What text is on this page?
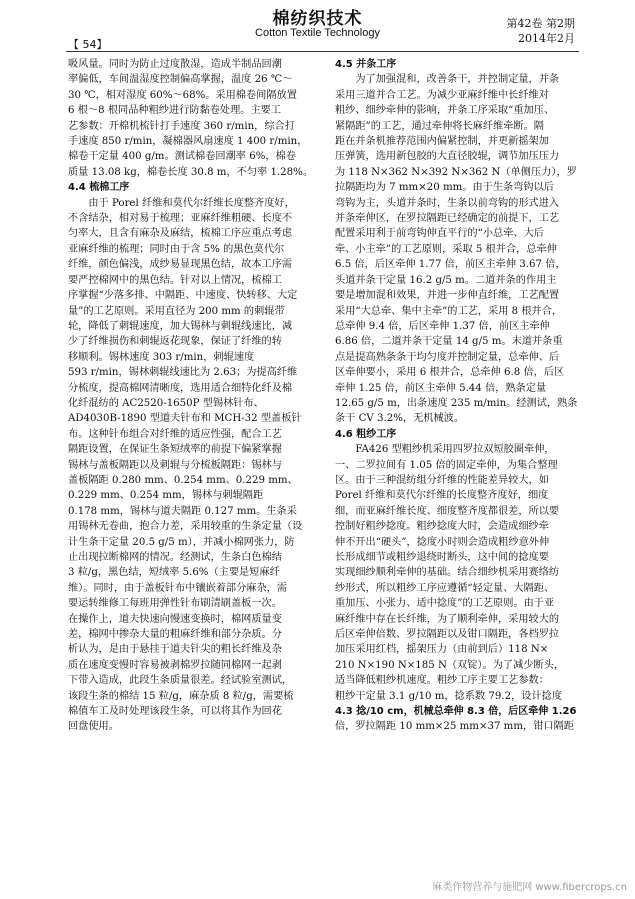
【 54】
棉纺织技术
Cotton Textile Technology
第42卷 第2期
2014年2月

吸风量。同时为防止过度散湿，造成半制品回潮

率偏低，车间温湿度控制偏高掌握，温度 26 ℃～

30 ℃，相对湿度 60%～68%。采用棉卷间隔放置

6 根～8 根同品种粗纱进行防黏卷处理。主要工

艺参数：开棉机梳针打手速度 360 r/min，综合打

手速度 850 r/min，凝棉器风扇速度 1 400 r/min，

棉卷干定量 400 g/m。测试棉卷回潮率 6%，棉卷

质量 13.08 kg，棉卷长度 30.8 m，不匀率 1.28%。

4.4 梳棉工序

　　由于 Porel 纤维和莫代尔纤维长度整齐度好，

不含结杂，相对易于梳理；亚麻纤维粗硬、长度不

匀率大，且含有麻杂及麻结，梳棉工序应重点考虑

亚麻纤维的梳理；同时由于含 5% 的黑色莫代尔

纤维，颜色偏浅，成纱易显现黑色结，故本工序需

要严控棉网中的黑色结。针对以上情况，梳棉工

序掌握“少落多排、中隔距、中速度、快转移、大定

量”的工艺原则。采用直径为 200 mm 的刺辊带

轮，降低了刺辊速度，加大锡林与刺辊线速比，减

少了纤维损伤和刺辊返花现象，保证了纤维的转

移顺利。锡林速度 303 r/min，刺辊速度

593 r/min，锡林刺辊线速比为 2.63；为提高纤维

分梳度，提高棉网清晰度，选用适合细特化纤及棉

化纤混纺的 AC2520-1650P 型锡林针布、

AD4030B-1890 型道夫针布和 MCH-32 型盖板针

布。这种针布组合对纤维的适应性强，配合工艺

隔距设置，在保证生条短绒率的前提下偏紧掌握

锡林与盖板隔距以及刺辊与分梳板隔距：锡林与

盖板隔距 0.280 mm、0.254 mm、0.229 mm、

0.229 mm、0.254 mm，锡林与刺辊隔距

0.178 mm，锡林与道夫隔距 0.127 mm。生条采

用锡林无卷曲，抱合力差，采用较重的生条定量（设

计生条干定量 20.5 g/5 m），并减小棉网张力，防

止出现拉断棉网的情况。经测试，生条白色棉结

3 粒/g，黑色结，短绒率 5.6%（主要是短麻纤

维）。同时，由于盖板针布中镶嵌着部分麻杂，需

要运转维修工每班用弹性针布刷清刷盖板一次。

在操作上，道夫快速向慢速变换时，棉网质量变

差，棉网中掺杂大量的粗麻纤维和部分杂质。分

析认为，是由于悬挂于道夫针尖的粗长纤维及杂

质在速度变慢时容易被剥棉罗拉随同棉网一起剥

下带入造成，此段生条质量很差。经试验室测试，

该段生条的棉结 15 粒/g，麻杂质 8 粒/g，需要梳

棉值车工及时处理该段生条，可以将其作为回花

回盘使用。

4.5 并条工序

　　为了加强混和，改善条干，并控制定量，并条

采用三道并合工艺。为减少亚麻纤维中长纤维对

粗纱、细纱牵伸的影响，并条工序采取“重加压、

紧隔距”的工艺，通过牵伸将长麻纤维牵断。隔

距在并条机推荐范围内偏紧控制，并更新摇架加

压弹簧，选用新包胶的大直径胶辊，调节加压压力

为 118 N×362 N×392 N×362 N（单侧压力），罗

拉隔距均为 7 mm×20 mm。由于生条弯钩以后

弯钩为主，头道并条时，生条以前弯钩的形式进入

并条牵伸区，在罗拉隔距已经确定的前提下，工艺

配置采用利于前弯钩伸直平行的“小总牵、大后

牵、小主牵”的工艺原则，采取 5 根并合，总牵伸

6.5 倍，后区牵伸 1.77 倍，前区主牵伸 3.67 倍，

头道并条干定量 16.2 g/5 m。二道并条的作用主

要是增加混和效果，并进一步伸直纤维，工艺配置

采用“大总牵、集中主牵”的工艺，采用 8 根并合，

总牵伸 9.4 倍，后区牵伸 1.37 倍，前区主牵伸

6.86 倍，二道并条干定量 14 g/5 m。末道并条重

点是提高熟条条干均匀度并控制定量，总牵伸、后

区牵伸要小，采用 6 根并合，总牵伸 6.8 倍，后区

牵伸 1.25 倍，前区主牵伸 5.44 倍，熟条定量

12.65 g/5 m，出条速度 235 m/min。经测试，熟条

条干 CV 3.2%，无机械波。

4.6 粗纱工序

　　FA426 型粗纱机采用四罗拉双短胶圈牵伸，

一、二罗拉间有 1.05 倍的固定牵伸，为集合整理

区。由于三种混纺组分纤维的性能差异较大，如

Porel 纤维和莫代尔纤维的长度整齐度好，细度

细，而亚麻纤维长度、细度整齐度都很差，所以要

控制好粗纱捻度。粗纱捻度大时，会造成细纱牵

伸不开出“硬头”，捻度小时则会造成粗纱意外伸

长形成细节或粗纱退绕时断头，这中间的捻度要

实现细纱顺利牵伸的基础。结合细纱机采用赛络纺

纱形式，所以粗纱工序应遵循“轻定量、大隔距、

重加压、小张力、适中捻度”的工艺原则。由于亚

麻纤维中存在长纤维，为了顺利牵伸，采用较大的

后区牵伸倍数、罗拉隔距以及钳口隔距，各档罗拉

加压采用红档，摇架压力（由前到后）118 N×

210 N×190 N×185 N（双锭）。为了减少断头，

适当降低粗纱机速度。粗纱工序主要工艺参数：

粗纱干定量 3.1 g/10 m，捻系数 79.2，设计捻度

4.3 捻/10 cm，机械总牵伸 8.3 倍，后区牵伸 1.26

倍，罗拉隔距 10 mm×25 mm×37 mm，钳口隔距

麻类作物营养与施肥网 www.fibercrops.cn
